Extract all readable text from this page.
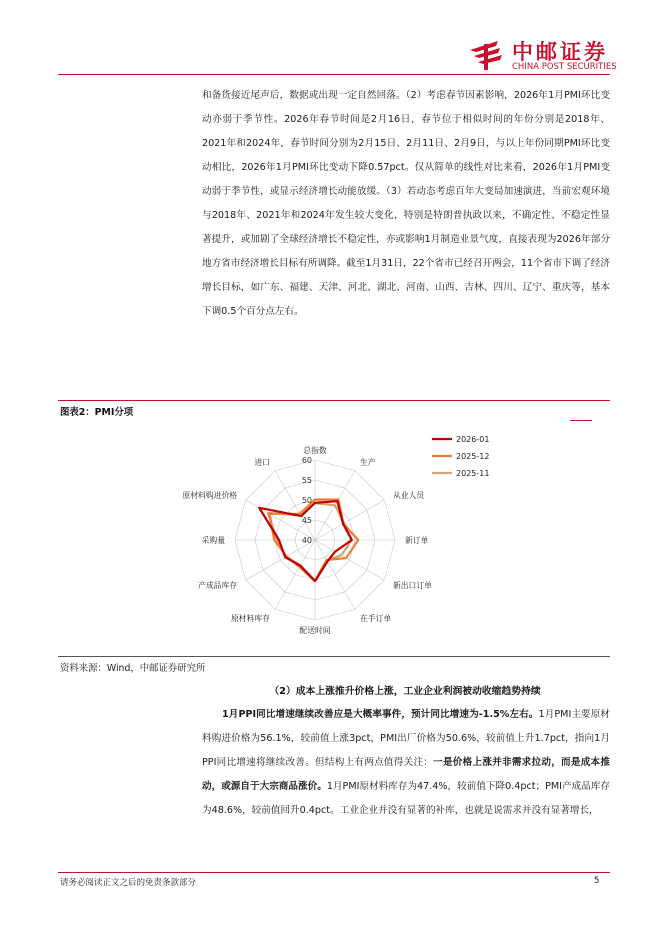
中邮证券
CHINA POST SECURITIES

和备货接近尾声后，数据或出现一定自然回落。（2）考虑春节因素影响，2026年1月PMI环比变动亦弱于季节性。2026年春节时间是2月16日，春节位于相似时间的年份分别是2018年、2021年和2024年，春节时间分别为2月15日、2月11日、2月9日，与以上年份同期PMI环比变动相比，2026年1月PMI环比变动下降0.57pct。仅从简单的线性对比来看，2026年1月PMI变动弱于季节性，或显示经济增长动能放缓。（3）若动态考虑百年大变局加速演进，当前宏观环境与2018年、2021年和2024年发生较大变化，特别是特朗普执政以来，不确定性、不稳定性显著提升，或加剧了全球经济增长不稳定性，亦或影响1月制造业景气度，直接表现为2026年部分地方省市经济增长目标有所调降。截至1月31日，22个省市已经召开两会，11个省市下调了经济增长目标，如广东、福建、天津、河北、湖北、河南、山西、吉林、四川、辽宁、重庆等，基本下调0.5个百分点左右。

图表2：PMI分项
总指数
生产
从业人员
新订单
新出口订单
在手订单
配送时间
原材料库存
产成品库存
采购量
原材料购进价格
进口
40
45
50
55
60
2026-01
2025-12
2025-11
资料来源：Wind，中邮证券研究所
（2）成本上涨推升价格上涨，工业企业利润被动收缩趋势持续

1月PPI同比增速继续改善应是大概率事件，预计同比增速为-1.5%左右。1月PMI主要原材料购进价格为56.1%，较前值上涨3pct，PMI出厂价格为50.6%，较前值上升1.7pct，指向1月PPI同比增速将继续改善。但结构上有两点值得关注：一是价格上涨并非需求拉动，而是成本推动，或源自于大宗商品涨价。1月PMI原材料库存为47.4%，较前值下降0.4pct；PMI产成品库存为48.6%，较前值回升0.4pct。工业企业并没有显著的补库，也就是说需求并没有显著增长，

请务必阅读正文之后的免责条款部分	5
